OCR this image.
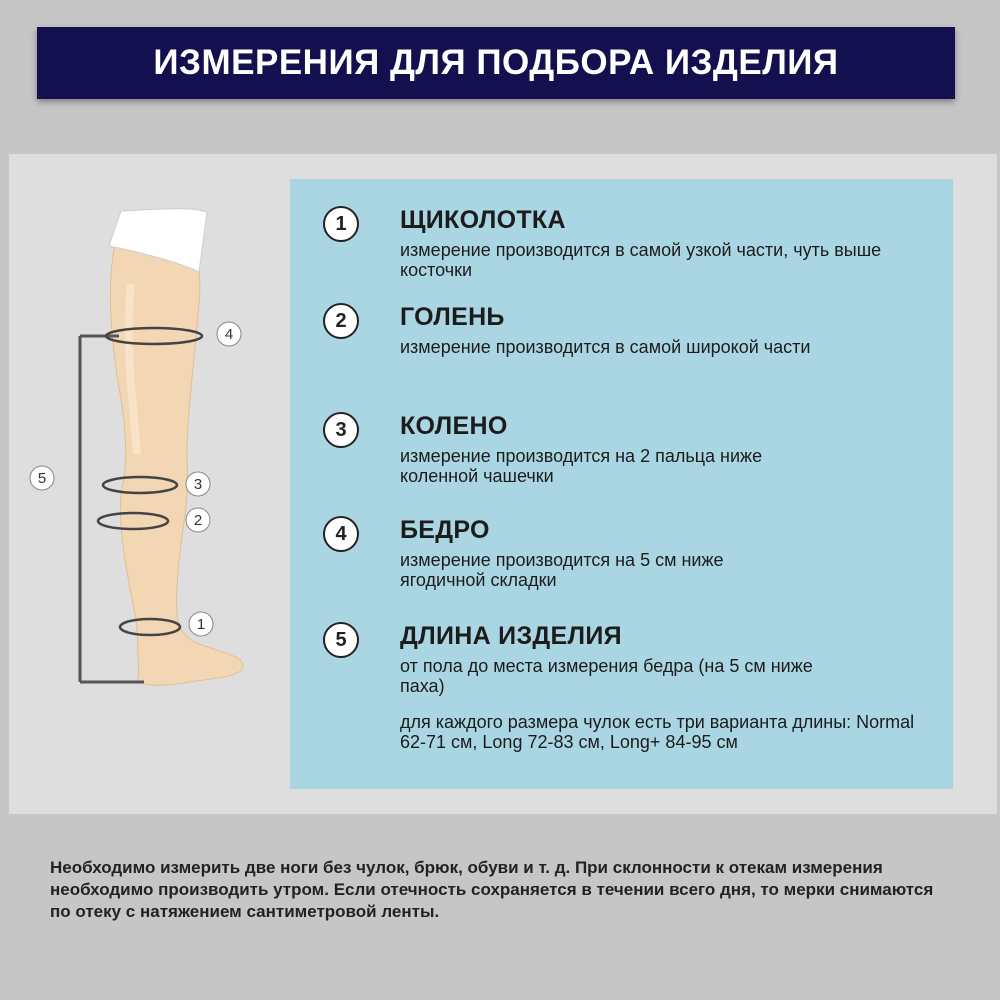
ИЗМЕРЕНИЯ ДЛЯ ПОДБОРА ИЗДЕЛИЯ
4
3
2
1
5
1	ЩИКОЛОТКА

измерение производится в самой узкой части, чуть выше косточки

2	ГОЛЕНЬ

измерение производится в самой широкой части

3	КОЛЕНО

измерение производится на 2 пальца ниже коленной чашечки

4	БЕДРО

измерение производится на 5 см ниже ягодичной складки

5	ДЛИНА ИЗДЕЛИЯ

от пола до места измерения бедра (на 5 см ниже паха)

для каждого размера чулок есть три варианта длины: Normal 62-71 см, Long 72-83 см, Long+ 84-95 см

Необходимо измерить две ноги без чулок, брюк, обуви и т. д. При склонности к отекам измерения необходимо производить утром. Если отечность сохраняется в течении всего дня, то мерки снимаются по отеку с натяжением сантиметровой ленты.
